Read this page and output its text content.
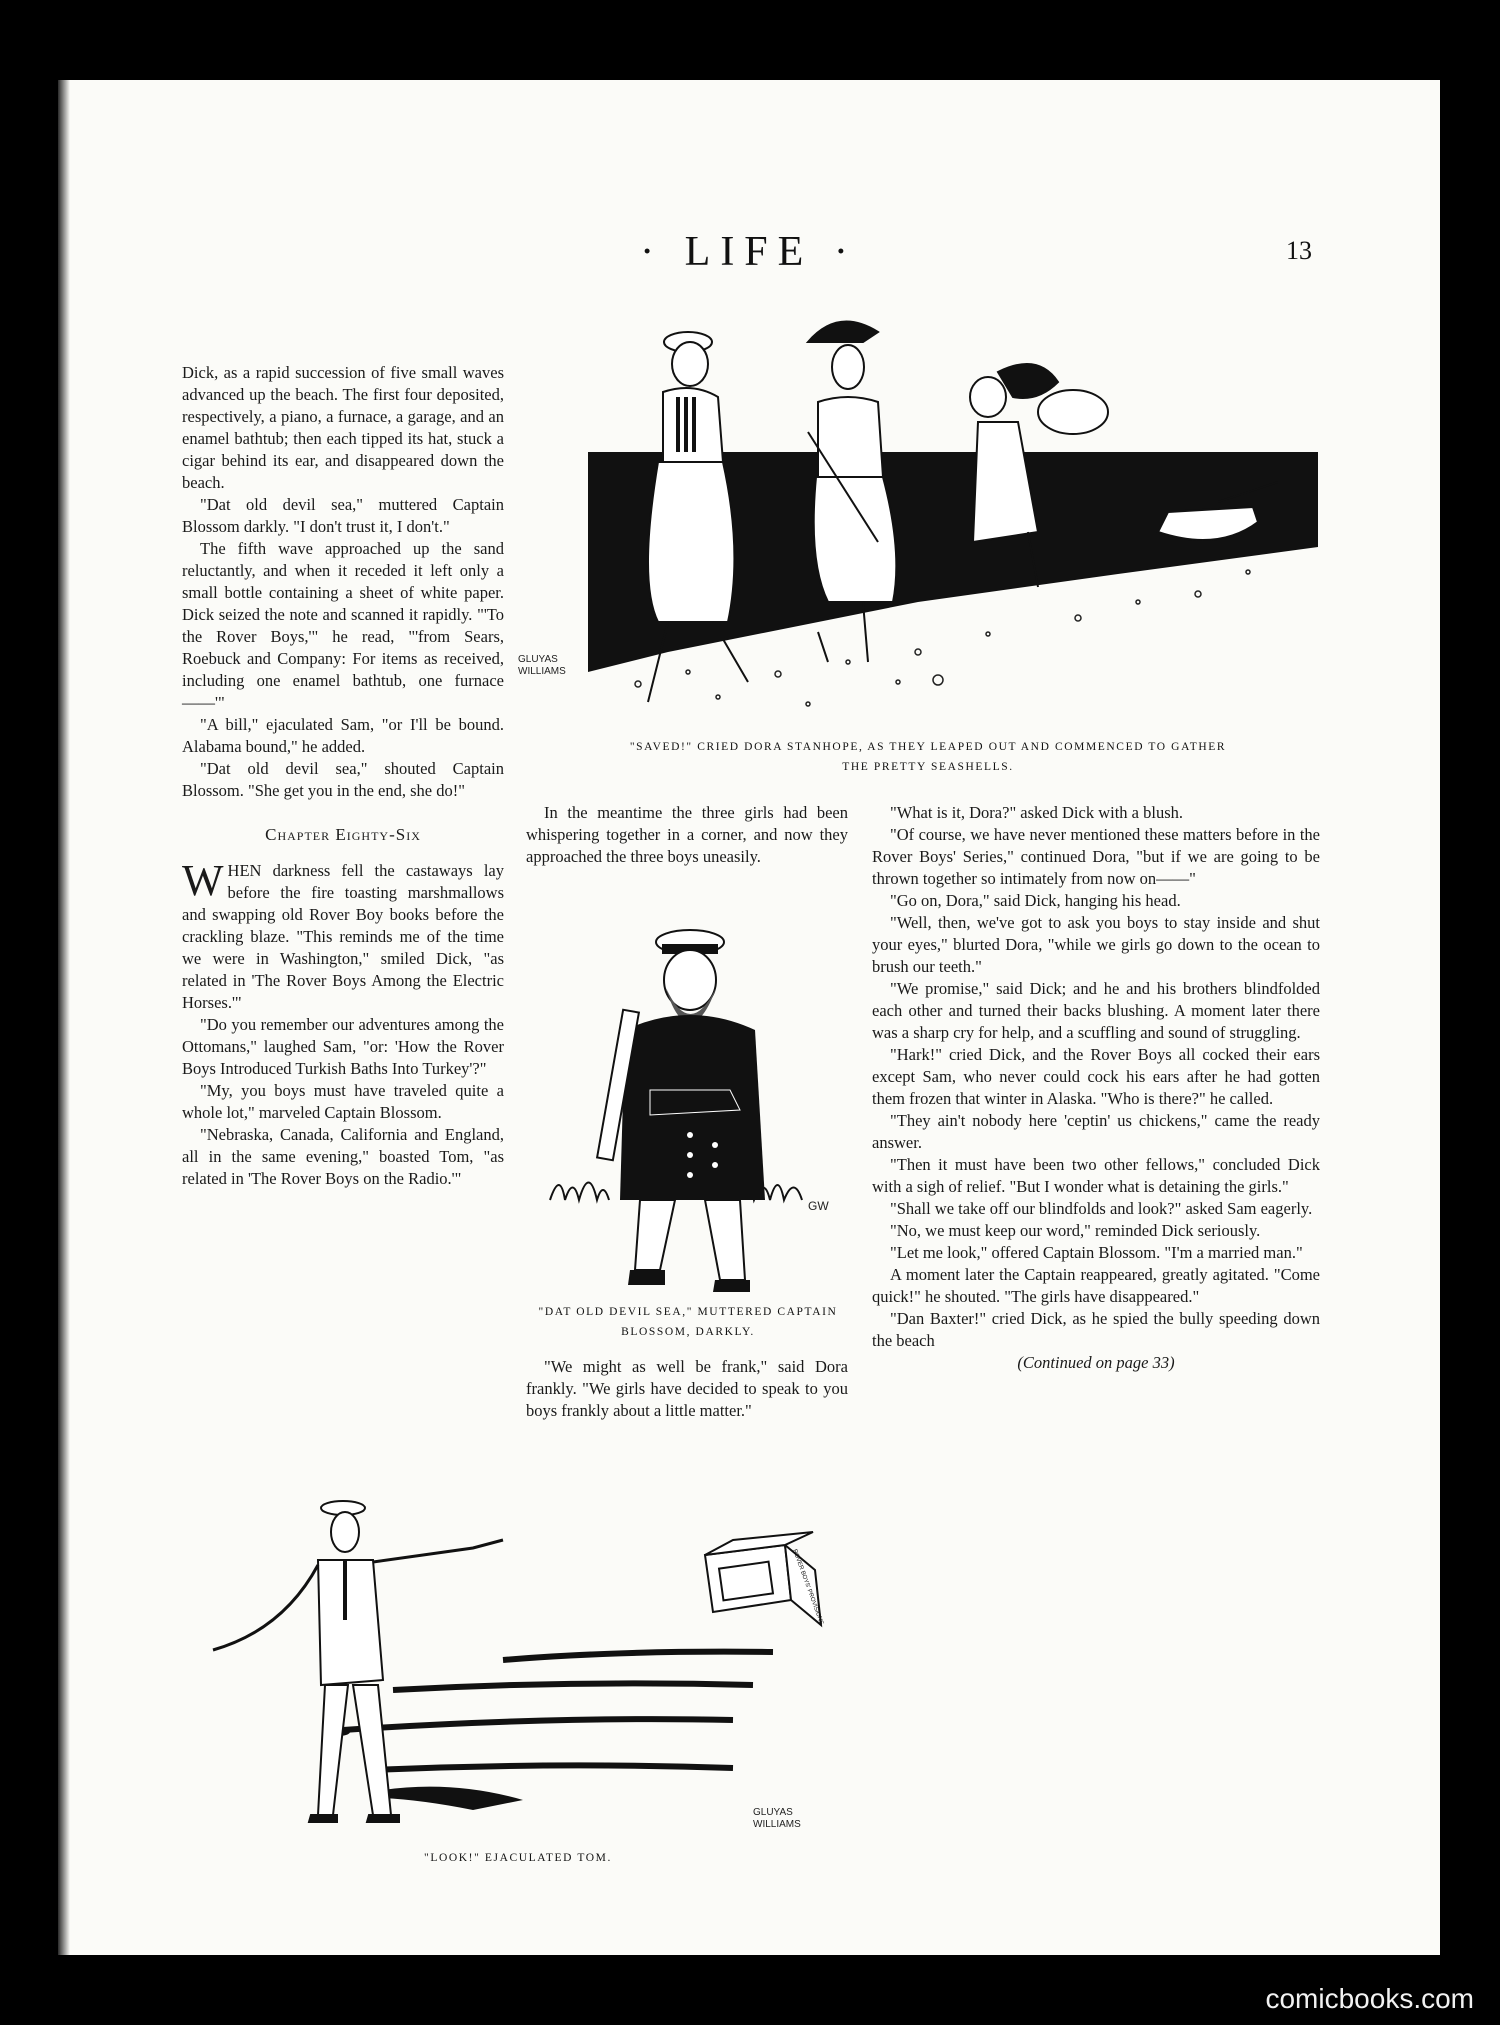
· LIFE ·	13
GLUYAS
WILLIAMS
"SAVED!" CRIED DORA STANHOPE, AS THEY LEAPED OUT AND COMMENCED TO GATHER
THE PRETTY SEASHELLS.

Dick, as a rapid succession of five small waves advanced up the beach. The first four deposited, respectively, a piano, a furnace, a garage, and an enamel bathtub; then each tipped its hat, stuck a cigar behind its ear, and disappeared down the beach.

"Dat old devil sea," muttered Captain Blossom darkly. "I don't trust it, I don't."

The fifth wave approached up the sand reluctantly, and when it receded it left only a small bottle containing a sheet of white paper. Dick seized the note and scanned it rapidly. "'To the Rover Boys,'" he read, "'from Sears, Roebuck and Company: For items as received, including one enamel bathtub, one furnace——'"

"A bill," ejaculated Sam, "or I'll be bound. Alabama bound," he added.

"Dat old devil sea," shouted Captain Blossom. "She get you in the end, she do!"

Chapter Eighty-Six

WHEN darkness fell the castaways lay before the fire toasting marshmallows and swapping old Rover Boy books before the crackling blaze. "This reminds me of the time we were in Washington," smiled Dick, "as related in 'The Rover Boys Among the Electric Horses.'"

"Do you remember our adventures among the Ottomans," laughed Sam, "or: 'How the Rover Boys Introduced Turkish Baths Into Turkey'?"

"My, you boys must have traveled quite a whole lot," marveled Captain Blossom.

"Nebraska, Canada, California and England, all in the same evening," boasted Tom, "as related in 'The Rover Boys on the Radio.'"

In the meantime the three girls had been whispering together in a corner, and now they approached the three boys uneasily.

GW
"DAT OLD DEVIL SEA," MUTTERED CAPTAIN
BLOSSOM, DARKLY.

"We might as well be frank," said Dora frankly. "We girls have decided to speak to you boys frankly about a little matter."

"What is it, Dora?" asked Dick with a blush.

"Of course, we have never mentioned these matters before in the Rover Boys' Series," continued Dora, "but if we are going to be thrown together so intimately from now on——"

"Go on, Dora," said Dick, hanging his head.

"Well, then, we've got to ask you boys to stay inside and shut your eyes," blurted Dora, "while we girls go down to the ocean to brush our teeth."

"We promise," said Dick; and he and his brothers blindfolded each other and turned their backs blushing. A moment later there was a sharp cry for help, and a scuffling and sound of struggling.

"Hark!" cried Dick, and the Rover Boys all cocked their ears except Sam, who never could cock his ears after he had gotten them frozen that winter in Alaska. "Who is there?" he called.

"They ain't nobody here 'ceptin' us chickens," came the ready answer.

"Then it must have been two other fellows," concluded Dick with a sigh of relief. "But I wonder what is detaining the girls."

"Shall we take off our blindfolds and look?" asked Sam eagerly.

"No, we must keep our word," reminded Dick seriously.

"Let me look," offered Captain Blossom. "I'm a married man."

A moment later the Captain reappeared, greatly agitated. "Come quick!" he shouted. "The girls have disappeared."

"Dan Baxter!" cried Dick, as he spied the bully speeding down the beach

(Continued on page 33)

ROVER BOYS' PROVISIONS
GLUYAS
WILLIAMS
"LOOK!" EJACULATED TOM.
comicbooks.com
